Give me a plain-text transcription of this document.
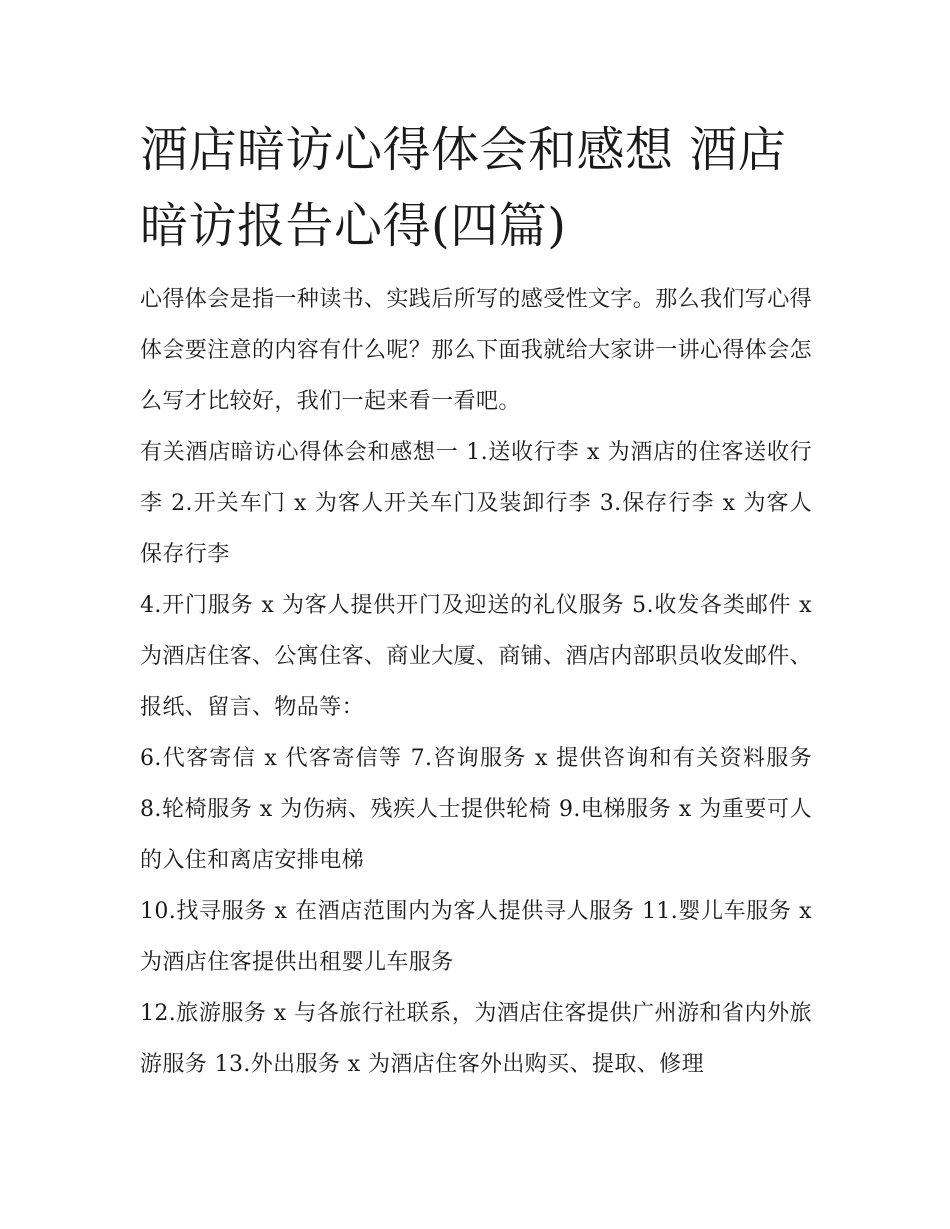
酒店暗访心得体会和感想 酒店暗访报告心得(四篇)

心得体会是指一种读书、实践后所写的感受性文字。那么我们写心得体会要注意的内容有什么呢？那么下面我就给大家讲一讲心得体会怎么写才比较好，我们一起来看一看吧。

有关酒店暗访心得体会和感想一 1.送收行李 x 为酒店的住客送收行李 2.开关车门 x 为客人开关车门及装卸行李 3.保存行李 x 为客人保存行李

4.开门服务 x 为客人提供开门及迎送的礼仪服务 5.收发各类邮件 x 为酒店住客、公寓住客、商业大厦、商铺、酒店内部职员收发邮件、报纸、留言、物品等：

6.代客寄信 x 代客寄信等 7.咨询服务 x 提供咨询和有关资料服务 8.轮椅服务 x 为伤病、残疾人士提供轮椅 9.电梯服务 x 为重要可人的入住和离店安排电梯

10.找寻服务 x 在酒店范围内为客人提供寻人服务 11.婴儿车服务 x 为酒店住客提供出租婴儿车服务

12.旅游服务 x 与各旅行社联系，为酒店住客提供广州游和省内外旅游服务 13.外出服务 x 为酒店住客外出购买、提取、修理
